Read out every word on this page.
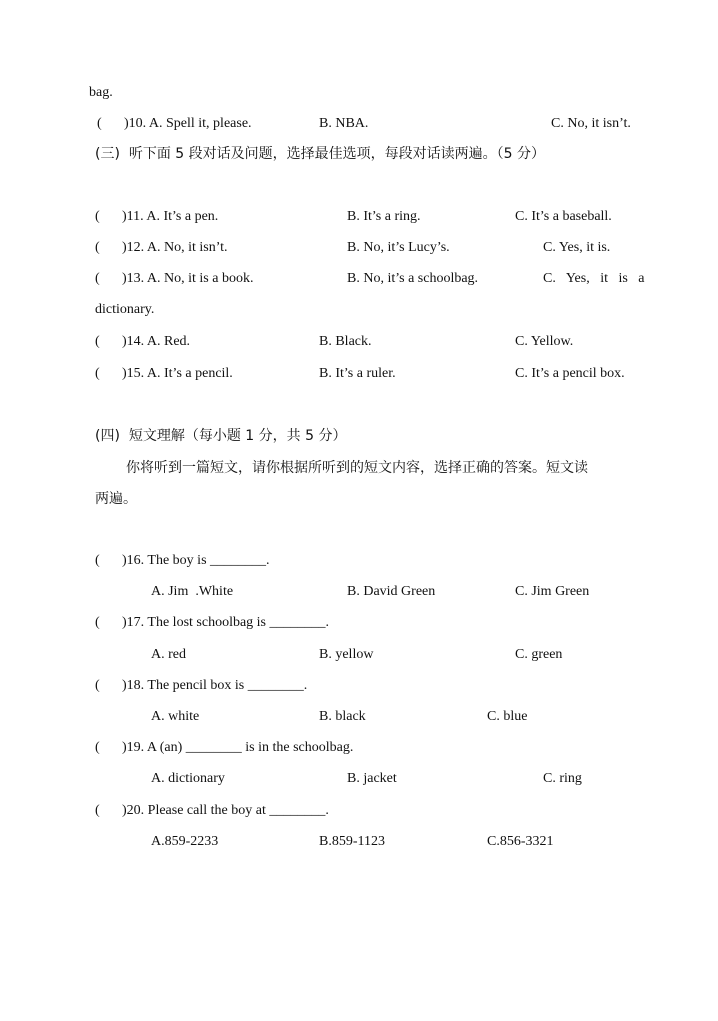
bag.
( )10. A. Spell it, please.	B. NBA.	C. No, it isn’t.
(三)  听下面 5 段对话及问题，选择最佳选项，每段对话读两遍。（5 分）
( )11. A. It’s a pen.	B. It’s a ring.	C. It’s a baseball.
( )12. A. No, it isn’t.	B. No, it’s Lucy’s.	C. Yes, it is.
( )13. A. No, it is a book.	B. No, it’s a schoolbag.	C.   Yes,   it   is   a
dictionary.
( )14. A. Red.	B. Black.	C. Yellow.
( )15. A. It’s a pencil.	B. It’s a ruler.	C. It’s a pencil box.
(四)  短文理解（每小题 1 分，共 5 分）
你将听到一篇短文，请你根据所听到的短文内容，选择正确的答案。短文读
两遍。
( )16. The boy is ________.
A. Jim  .White	B. David Green	C. Jim Green
( )17. The lost schoolbag is ________.
A. red	B. yellow	C. green
( )18. The pencil box is ________.
A. white	B. black	C. blue
( )19. A (an) ________ is in the schoolbag.
A. dictionary	B. jacket	C. ring
( )20. Please call the boy at ________.
A.859-2233	B.859-1123	C.856-3321
